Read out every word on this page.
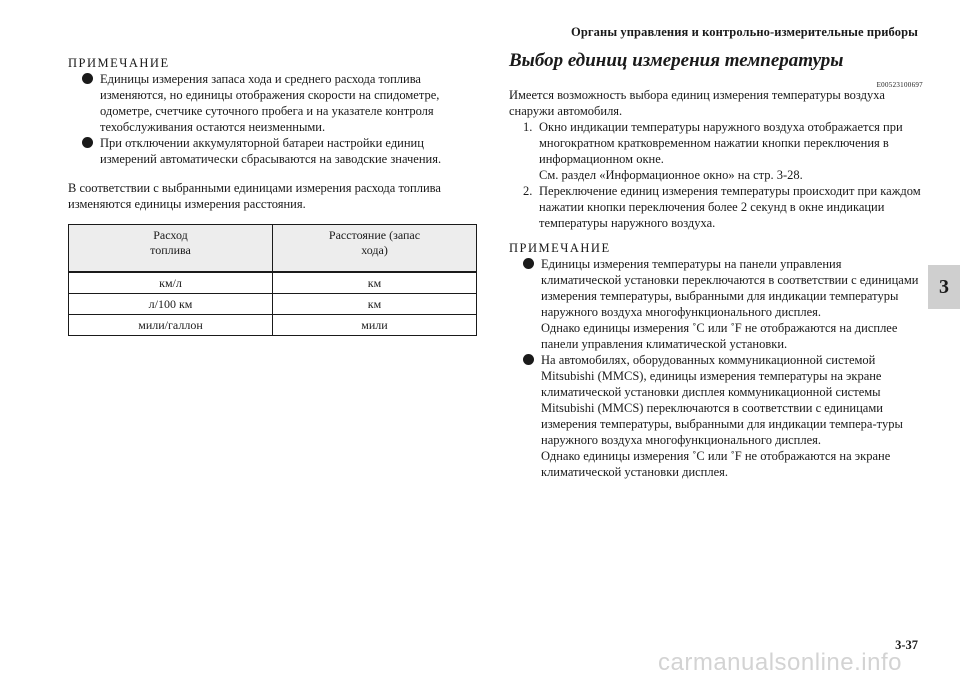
Органы управления и контрольно-измерительные приборы
3
ПРИМЕЧАНИЕ
Единицы измерения запаса хода и среднего расхода топлива изменяются, но единицы отображения скорости на спидометре, одометре, счетчике суточного пробега и на указателе контроля техобслуживания остаются неизменными.
При отключении аккумуляторной батареи настройки единиц измерений автоматически сбрасываются на заводские значения.
В соответствии с выбранными единицами измерения расхода топлива изменяются единицы измерения расстояния.
Расход топлива	Расстояние (запас хода)
км/л	км
л/100 км	км
мили/галлон	мили
Выбор единиц измерения температуры
E00523100697
Имеется возможность выбора единиц измерения температуры воздуха снаружи автомобиля.
1. Окно индикации температуры наружного воздуха отображается при многократном кратковременном нажатии кнопки переключения в информационном окне.
См. раздел «Информационное окно» на стр. 3-28.
2. Переключение единиц измерения температуры происходит при каждом нажатии кнопки переключения более 2 секунд в окне индикации температуры наружного воздуха.
ПРИМЕЧАНИЕ
Единицы измерения температуры на панели управления климатической установки переключаются в соответствии с единицами измерения температуры, выбранными для индикации температуры наружного воздуха многофункционального дисплея.
Однако единицы измерения ˚C или ˚F не отображаются на дисплее панели управления климатической установки.
На автомобилях, оборудованных коммуникационной системой Mitsubishi (MMCS), единицы измерения температуры на экране климатической установки дисплея коммуникационной системы Mitsubishi (MMCS) переключаются в соответствии с единицами измерения температуры, выбранными для индикации темпера-туры наружного воздуха многофункционального дисплея.
Однако единицы измерения ˚C или ˚F не отображаются на экране климатической установки дисплея.
3-37
carmanualsonline.info
